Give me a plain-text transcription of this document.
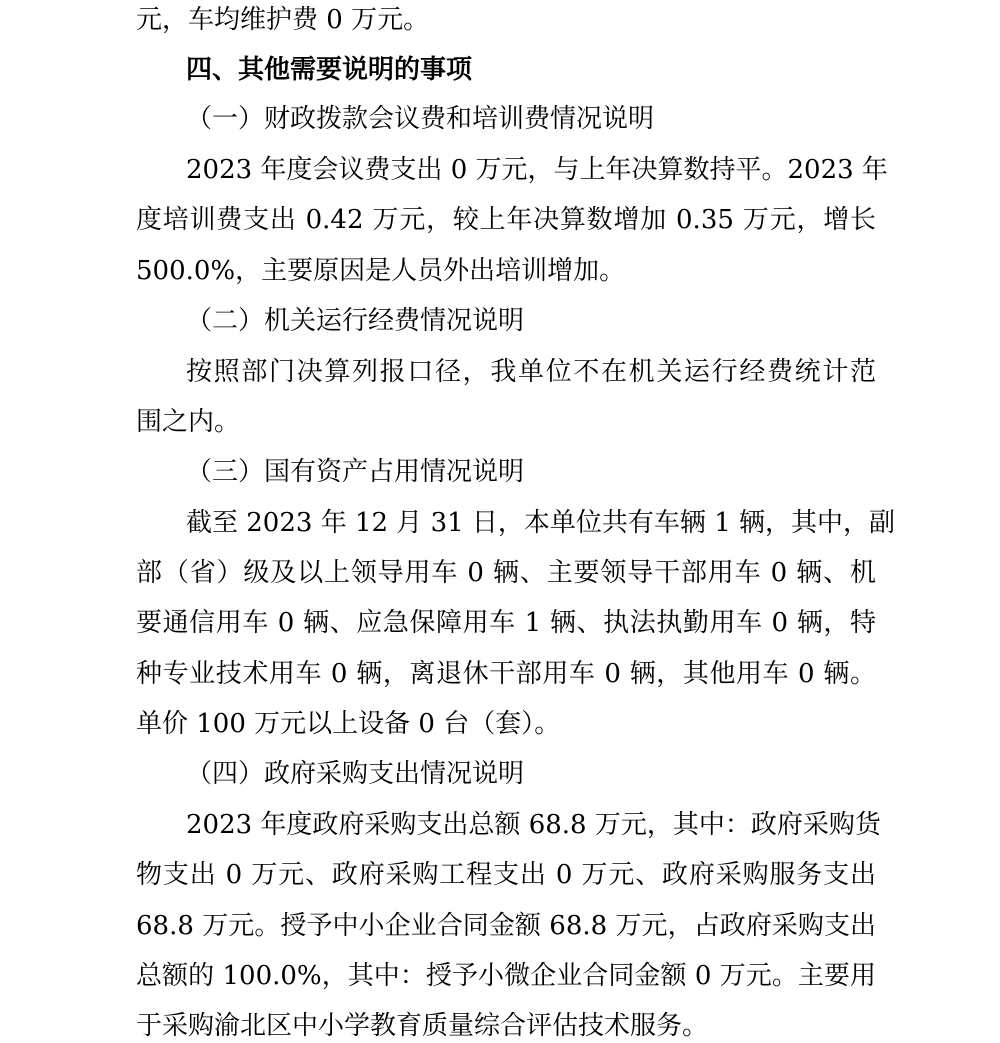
元，车均维护费 0 万元。
四、其他需要说明的事项
（一）财政拨款会议费和培训费情况说明
2023 年度会议费支出 0 万元，与上年决算数持平。2023 年
度培训费支出 0.42 万元，较上年决算数增加 0.35 万元，增长
500.0%，主要原因是人员外出培训增加。
（二）机关运行经费情况说明
按照部门决算列报口径，我单位不在机关运行经费统计范
围之内。
（三）国有资产占用情况说明
截至 2023 年 12 月 31 日，本单位共有车辆 1 辆，其中，副
部（省）级及以上领导用车 0 辆、主要领导干部用车 0 辆、机
要通信用车 0 辆、应急保障用车 1 辆、执法执勤用车 0 辆，特
种专业技术用车 0 辆，离退休干部用车 0 辆，其他用车 0 辆。
单价 100 万元以上设备 0 台（套）。
（四）政府采购支出情况说明
2023 年度政府采购支出总额 68.8 万元，其中：政府采购货
物支出 0 万元、政府采购工程支出 0 万元、政府采购服务支出
68.8 万元。授予中小企业合同金额 68.8 万元，占政府采购支出
总额的 100.0%，其中：授予小微企业合同金额 0 万元。主要用
于采购渝北区中小学教育质量综合评估技术服务。
